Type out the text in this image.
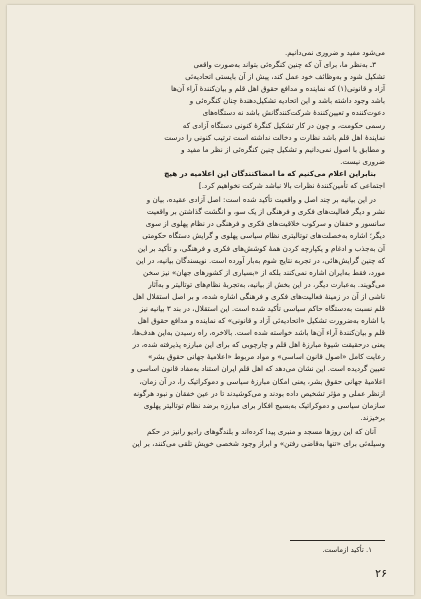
می‌شود مفید و ضروری نمی‌دانیم.

۳ـ به‌نظر ما، برای آن که چنین کنگره‌ئی بتواند به‌صورت واقعی

تشکیل شود و به‌وظائف خود عمل کند، پیش از آن بایستی اتحادیه‌ئی

آزاد و قانونی(۱) که نماینده و مدافع حقوق اهل قلم و بیان‌کنندهٔ آراء آن‌ها

باشد وجود داشته باشد و این اتحادیه تشکیل‌دهندهٔ چنان کنگره‌ئی و

دعوت‌کننده و تعیین‌کنندهٔ شرکت‌کنندگانش باشد نه دستگاه‌های

رسمی حکومت، و چون در کار تشکیل کنگرهٔ کنونی دستگاه آزادی که

نمایندهٔ اهل قلم باشد نظارت و دخالت نداشته است ترتیب کنونی را درست

و مطابق با اصول نمی‌دانیم و تشکیل چنین کنگره‌ئی از نظر ما مفید و

ضروری نیست.

بنابراین اعلام می‌کنیم که ما امضاکنندگان این اعلامیه در هیچ

اجتماعی که تأمین‌کنندهٔ نظرات بالا نباشد شرکت نخواهیم کرد.]

در این بیانیه بر چند اصل و واقعیت تأکید شده است: اصل آزادی عقیده، بیان و

نشر و دیگر فعالیت‌های فکری و فرهنگی از یک سو، و انگشت گذاشتن بر واقعیت

سانسور و خفقان و سرکوب خلاقیت‌های فکری و فرهنگی در نظام پهلوی از سوی

دیگر؛ اشاره به‌خصلت‌های توتالیتری نظام سیاسی پهلوی و گرایش دستگاه حکومتی

آن به‌جذب و ادغام و یکپارچه کردن همهٔ کوشش‌های فکری و فرهنگی، و تأکید بر این

که چنین گرایش‌هائی، در تجربه نتایج شوم به‌بار آورده است. نویسندگان بیانیه، در این

مورد، فقط به‌ایران اشاره نمی‌کنند بلکه از «بسیاری از کشورهای جهان» نیز سخن

می‌گویند. به‌عبارت دیگر، در این بخش از بیانیه، به‌تجربهٔ نظام‌های توتالیتر و به‌آثار

ناشی از آن در زمینهٔ فعالیت‌های فکری و فرهنگی اشاره شده، و بر اصل استقلال اهل

قلم نسبت به‌دستگاه حاکم سیاسی تأکید شده است. این استقلال، در بند ۳ بیانیه نیز

با اشاره به‌ضرورت تشکیل «اتحادیه‌ئی آزاد و قانونی» که نماینده و مدافع حقوق اهل

قلم و بیان‌کنندهٔ آراء آن‌ها باشد خواسته شده است. بالاخره، راه رسیدن به‌این هدف‌ها،

یعنی درحقیقت شیوهٔ مبارزهٔ اهل قلم و چارچوبی که برای این مبارزه پذیرفته شده، در

رعایت کامل «اصول قانون اساسی» و مواد مربوط «اعلامیهٔ جهانی حقوق بشر»

تعیین گردیده است. این نشان می‌دهد که اهل قلم ایران استناد به‌مفاد قانون اساسی و

اعلامیهٔ جهانی حقوق بشر، یعنی امکان مبارزهٔ سیاسی و دموکراتیک را، در آن زمان،

ازنظر عملی و مؤثر تشخیص داده بودند و می‌کوشیدند تا در عین خفقان و نبود هرگونه

سازمان سیاسی و دموکراتیک به‌بسیج افکار برای مبارزه برضد نظام توتالیتر پهلوی

برخیزند.

آنان که این روزها مسجد و منبری پیدا کرده‌اند و بلندگوهای رادیو رانیز در حکم

وسیله‌ئی برای «تنها به‌قاضی رفتن» و ابراز وجود شخصی خویش تلقی می‌کنند، بر این

۱. تأکید ازماست.
۲۶
